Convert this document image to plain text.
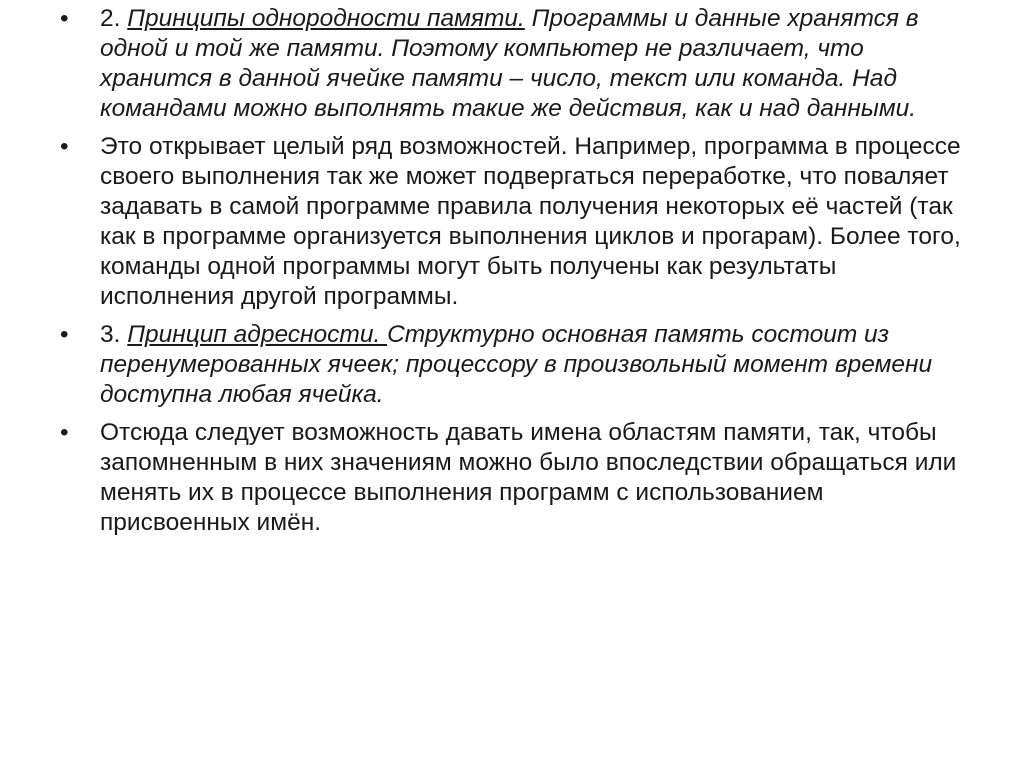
•	2. Принципы однородности памяти. Программы и данные хранятся в одной и той же памяти. Поэтому компьютер не различает, что хранится в данной ячейке памяти – число, текст или команда. Над командами можно выполнять такие же действия, как и над данными.
•	Это открывает целый ряд возможностей. Например, программа в процессе своего выполнения так же может подвергаться переработке, что поваляет задавать в самой программе правила получения некоторых её частей (так как в программе организуется выполнения циклов и прогарам). Более того, команды одной программы могут быть получены как результаты исполнения другой программы.
•	3. Принцип адресности. Структурно основная память состоит из перенумерованных ячеек; процессору в произвольный момент времени доступна любая ячейка.
•	Отсюда следует возможность давать имена областям памяти, так, чтобы запомненным в них значениям можно было впоследствии обращаться или менять их в процессе выполнения программ с использованием присвоенных имён.
